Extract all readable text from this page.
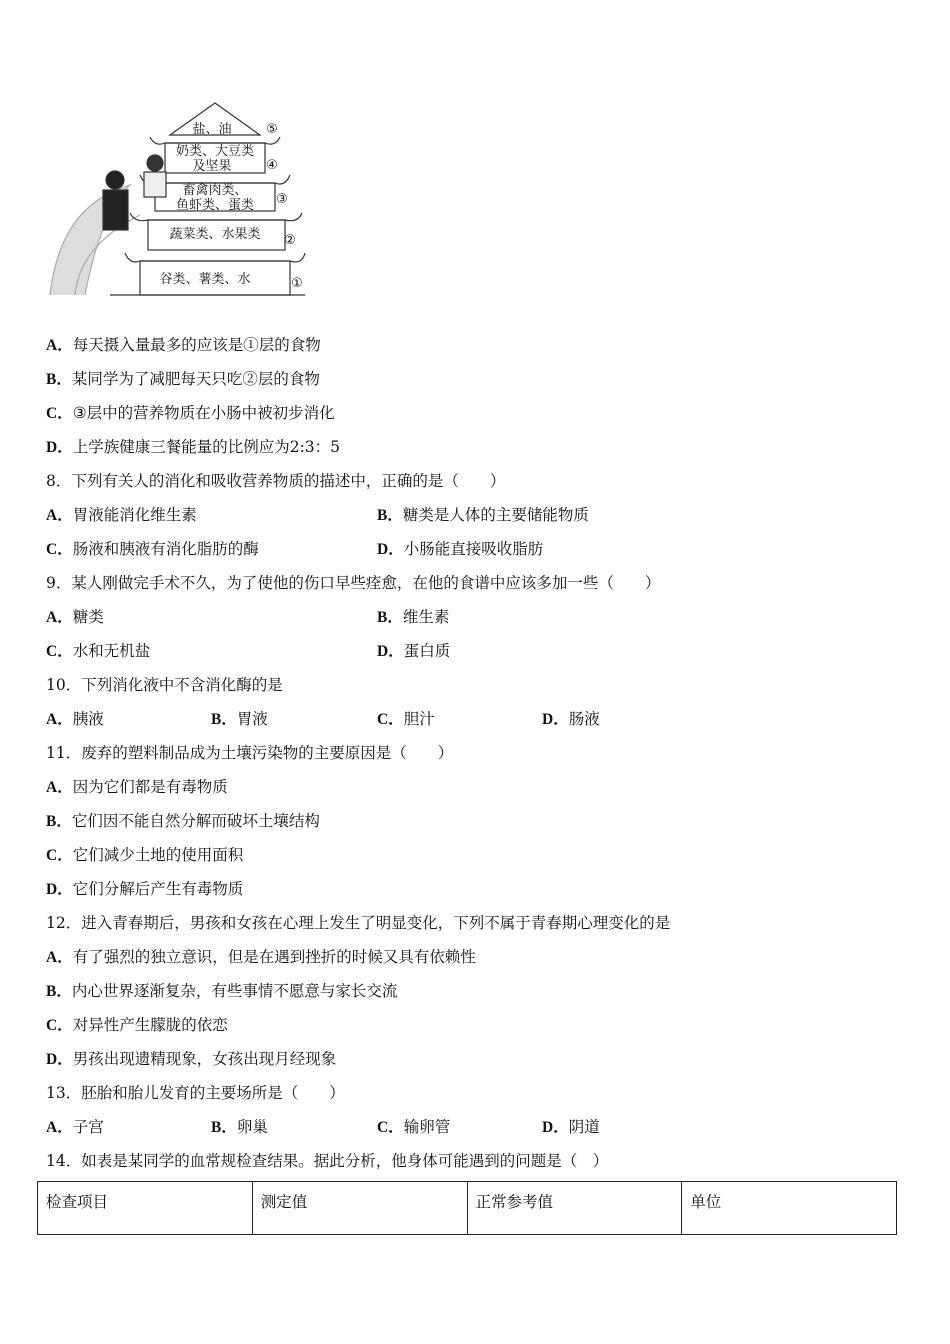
盐、油	⑤
奶类、大豆类
及坚果	④
畜禽肉类、
鱼虾类、蛋类 ③
蔬菜类、水果类 ②
谷类、薯类、水	①
A．每天摄入量最多的应该是①层的食物
B．某同学为了减肥每天只吃②层的食物
C．③层中的营养物质在小肠中被初步消化
D．上学族健康三餐能量的比例应为2:3：5
8．下列有关人的消化和吸收营养物质的描述中，正确的是（　　）
A．胃液能消化维生素	B．糖类是人体的主要储能物质
C．肠液和胰液有消化脂肪的酶	D．小肠能直接吸收脂肪
9．某人刚做完手术不久，为了使他的伤口早些痊愈，在他的食谱中应该多加一些（　　）
A．糖类	B．维生素
C．水和无机盐	D．蛋白质
10．下列消化液中不含消化酶的是
A．胰液	B．胃液	C．胆汁	D．肠液
11．废弃的塑料制品成为土壤污染物的主要原因是（　　）
A．因为它们都是有毒物质
B．它们因不能自然分解而破坏土壤结构
C．它们减少土地的使用面积
D．它们分解后产生有毒物质
12．进入青春期后，男孩和女孩在心理上发生了明显变化，下列不属于青春期心理变化的是
A．有了强烈的独立意识，但是在遇到挫折的时候又具有依赖性
B．内心世界逐渐复杂，有些事情不愿意与家长交流
C．对异性产生朦胧的依恋
D．男孩出现遗精现象，女孩出现月经现象
13．胚胎和胎儿发育的主要场所是（　　）
A．子宫	B．卵巢	C．输卵管	D．阴道
14．如表是某同学的血常规检查结果。据此分析，他身体可能遇到的问题是（　）
检查项目	测定值	正常参考值	单位
